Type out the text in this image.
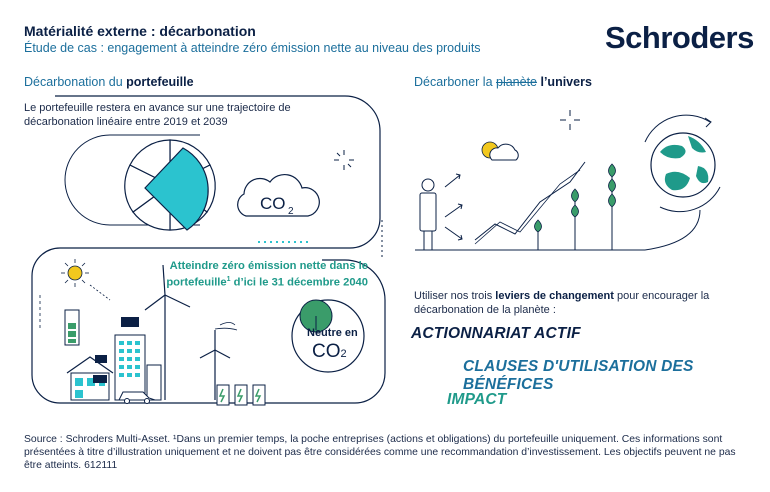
Matérialité externe : décarbonation
Étude de cas : engagement à atteindre zéro émission nette au niveau des produits	Schroders
Décarbonation du portefeuille	Décarboner la planète l’univers
CO 2
Le portefeuille restera en avance sur une trajectoire de décarbonation linéaire entre 2019 et 2039
Atteindre zéro émission nette dans le portefeuille$^1$ d’ici le 31 décembre 2040
Neutre en
CO2
Utiliser nos trois leviers de changement pour encourager la décarbonation de la planète :
ACTIONNARIAT ACTIF
CLAUSES D'UTILISATION DES BÉNÉFICES
IMPACT
Source : Schroders Multi-Asset. ¹Dans un premier temps, la poche entreprises (actions et obligations) du portefeuille uniquement. Ces informations sont présentées à titre d’illustration uniquement et ne doivent pas être considérées comme une recommandation d’investissement. Les objectifs peuvent ne pas être atteints. 612111
